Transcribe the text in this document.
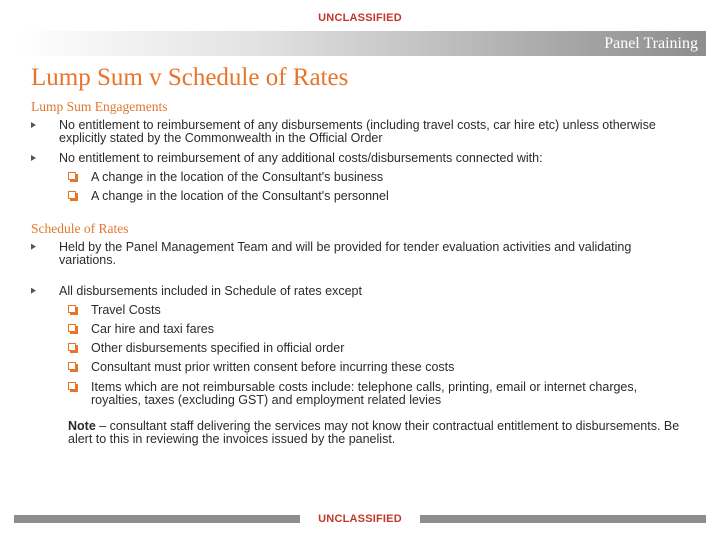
UNCLASSIFIED
Panel Training
Lump Sum v Schedule of Rates
Lump Sum Engagements
No entitlement to reimbursement of any disbursements (including travel costs, car hire etc) unless otherwise explicitly stated by the Commonwealth in the Official Order
No entitlement to reimbursement of any additional costs/disbursements connected with:
A change in the location of the Consultant's business
A change in the location of the Consultant's personnel
Schedule of Rates
Held by the Panel Management Team and will be provided for tender evaluation activities and validating variations.
All disbursements included in Schedule of rates except
Travel Costs
Car hire and taxi fares
Other disbursements specified in official order
Consultant must prior written consent before incurring these costs
Items which are not reimbursable costs include: telephone calls, printing, email or internet charges, royalties, taxes (excluding GST) and employment related levies
Note – consultant staff delivering the services may not know their contractual entitlement to disbursements. Be alert to this in reviewing the invoices issued by the panelist.
UNCLASSIFIED
